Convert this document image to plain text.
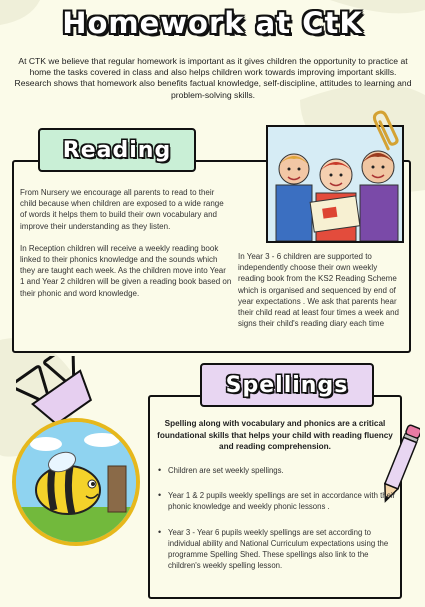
Homework at CtK
At CTK we believe that regular homework is important as it gives children the opportunity to practice at home the tasks covered in class and also helps children work towards improving important skills.
Research shows that homework also benefits factual knowledge, self-discipline, attitudes to learning and problem-solving skills.
Reading
From Nursery we encourage all parents to read to their child because when children are exposed to a wide range of words it helps them to build their own vocabulary and improve their understanding as they listen.
In Reception children will receive a weekly reading book linked to their phonics knowledge and the sounds which they are taught each week. As the children move into Year 1 and Year 2 children will be given a reading book based on their phonic and word knowledge.
In Year 3 - 6 children are supported to independently choose their own weekly reading book from the KS2 Reading Scheme which is organised and sequenced by end of year expectations . We ask that parents hear their child read at least four times a week and signs their child's reading diary each time
Spellings
Spelling along with vocabulary and phonics are a critical foundational skills that helps your child with reading fluency and reading comprehension.
• Children are set weekly spellings.
• Year 1 & 2 pupils weekly spellings are set in accordance with their phonic knowledge and weekly phonic lessons .
• Year 3 - Year 6 pupils weekly spellings are set according to individual ability and National Curriculum expectations using the programme Spelling Shed. These spellings also link to the children's weekly spelling lesson.
